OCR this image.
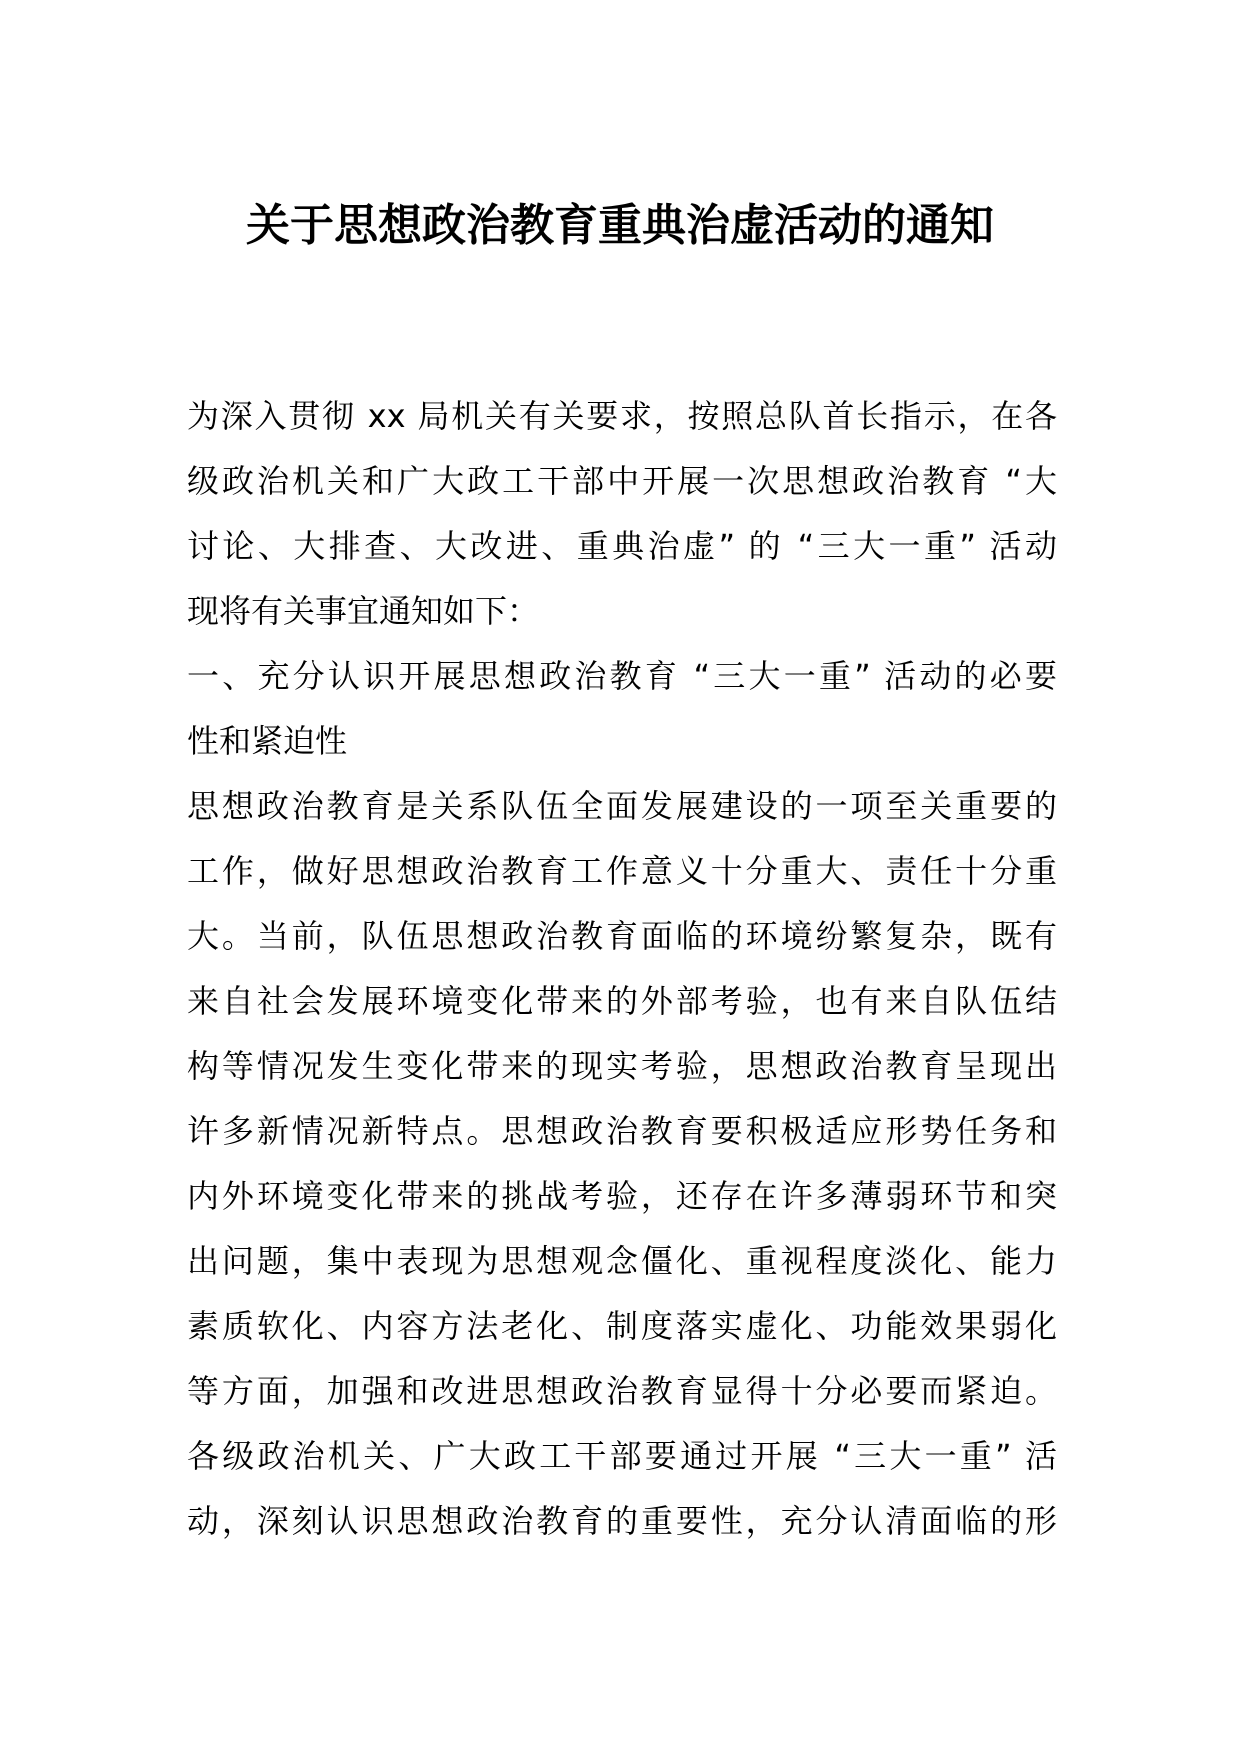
关于思想政治教育重典治虚活动的通知
为深入贯彻 xx 局机关有关要求，按照总队首长指示，在各
级政治机关和广大政工干部中开展一次思想政治教育 “大
讨论、大排查、大改进、重典治虚” 的 “三大一重” 活动
现将有关事宜通知如下：
一、充分认识开展思想政治教育 “三大一重” 活动的必要
性和紧迫性
思想政治教育是关系队伍全面发展建设的一项至关重要的
工作，做好思想政治教育工作意义十分重大、责任十分重
大。当前，队伍思想政治教育面临的环境纷繁复杂，既有
来自社会发展环境变化带来的外部考验，也有来自队伍结
构等情况发生变化带来的现实考验，思想政治教育呈现出
许多新情况新特点。思想政治教育要积极适应形势任务和
内外环境变化带来的挑战考验，还存在许多薄弱环节和突
出问题，集中表现为思想观念僵化、重视程度淡化、能力
素质软化、内容方法老化、制度落实虚化、功能效果弱化
等方面，加强和改进思想政治教育显得十分必要而紧迫。
各级政治机关、广大政工干部要通过开展 “三大一重” 活
动，深刻认识思想政治教育的重要性，充分认清面临的形
